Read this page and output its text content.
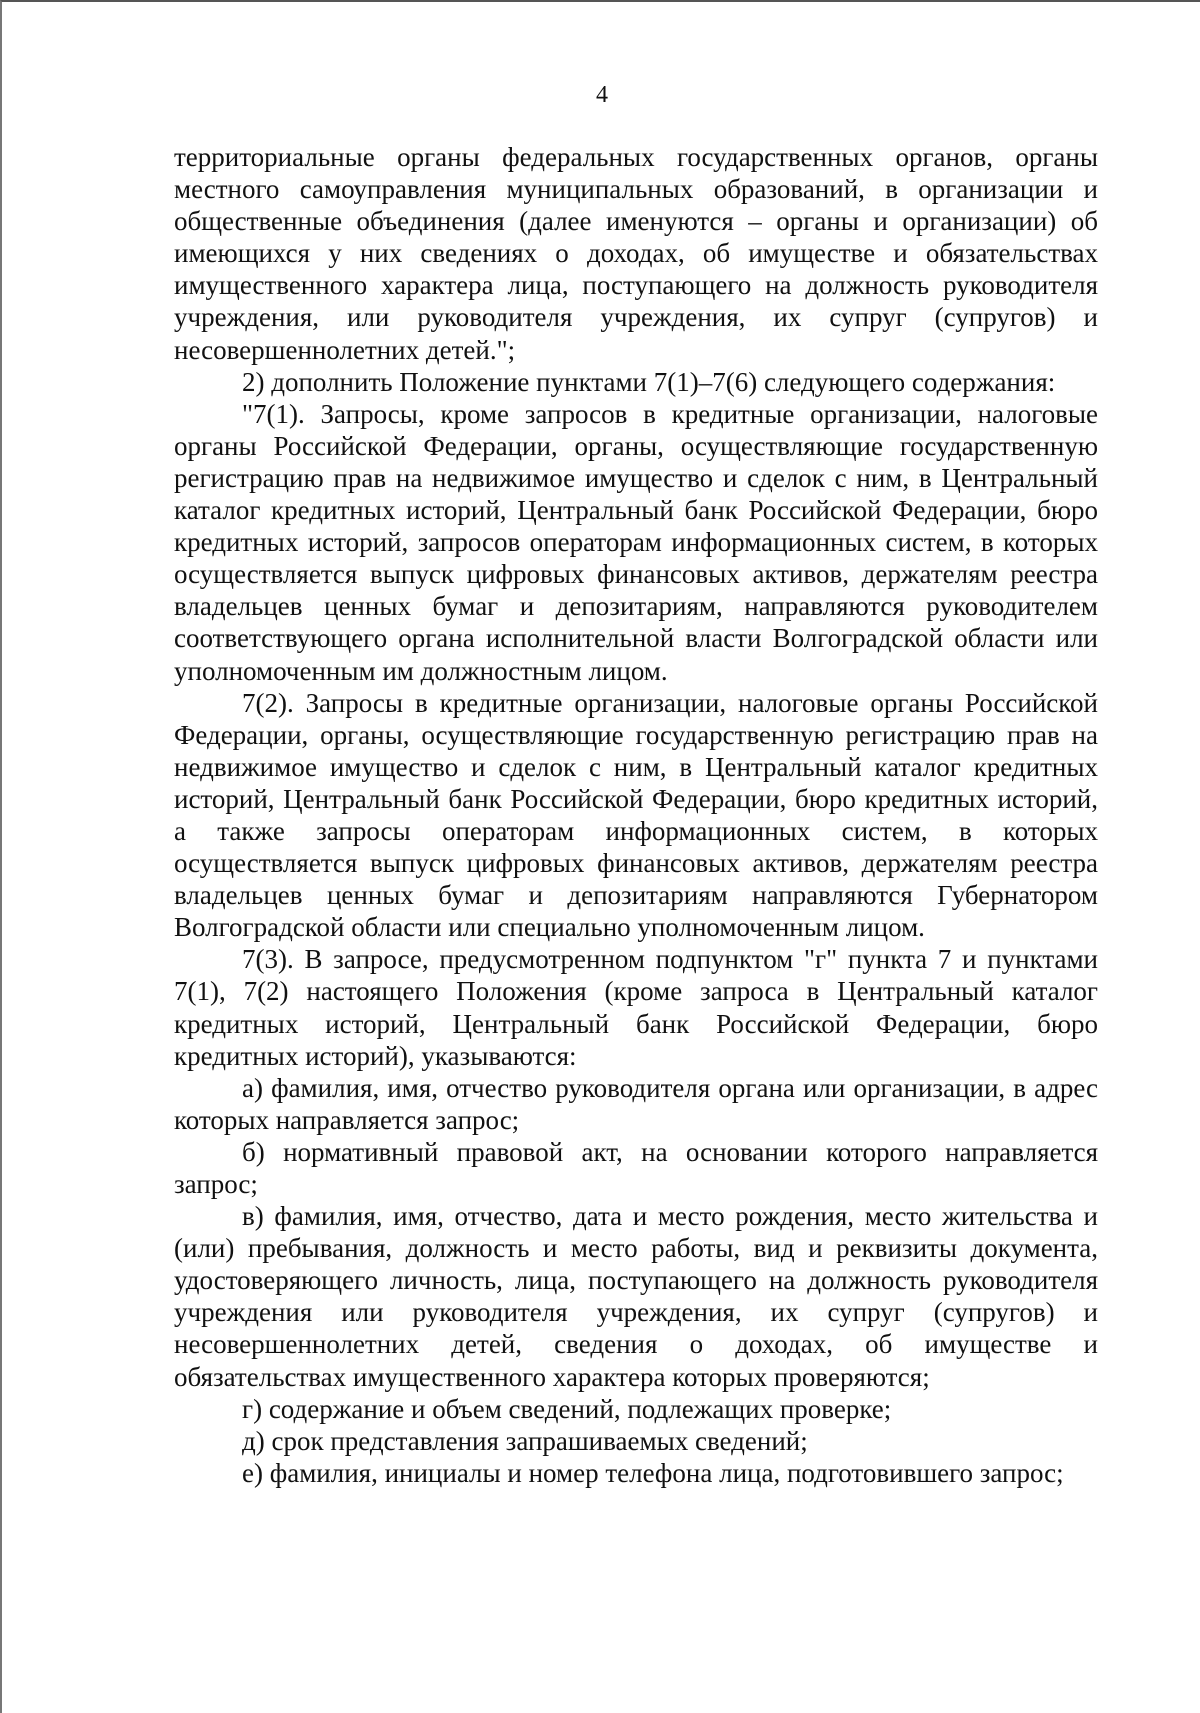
4

территориальные органы федеральных государственных органов, органы местного самоуправления муниципальных образований, в организации и общественные объединения (далее именуются – органы и организации) об имеющихся у них сведениях о доходах, об имуществе и обязательствах имущественного характера лица, поступающего на должность руководителя учреждения, или руководителя учреждения, их супруг (супругов) и несовершеннолетних детей.";

2) дополнить Положение пунктами 7(1)–7(6) следующего содержания:

"7(1). Запросы, кроме запросов в кредитные организации, налоговые органы Российской Федерации, органы, осуществляющие государственную регистрацию прав на недвижимое имущество и сделок с ним, в Центральный каталог кредитных историй, Центральный банк Российской Федерации, бюро кредитных историй, запросов операторам информационных систем, в которых осуществляется выпуск цифровых финансовых активов, держателям реестра владельцев ценных бумаг и депозитариям, направляются руководителем соответствующего органа исполнительной власти Волгоградской области или уполномоченным им должностным лицом.

7(2). Запросы в кредитные организации, налоговые органы Российской Федерации, органы, осуществляющие государственную регистрацию прав на недвижимое имущество и сделок с ним, в Центральный каталог кредитных историй, Центральный банк Российской Федерации, бюро кредитных историй, а также запросы операторам информационных систем, в которых осуществляется выпуск цифровых финансовых активов, держателям реестра владельцев ценных бумаг и депозитариям направляются Губернатором Волгоградской области или специально уполномоченным лицом.

7(3). В запросе, предусмотренном подпунктом "г" пункта 7 и пунктами 7(1), 7(2) настоящего Положения (кроме запроса в Центральный каталог кредитных историй, Центральный банк Российской Федерации, бюро кредитных историй), указываются:

а) фамилия, имя, отчество руководителя органа или организации, в адрес которых направляется запрос;

б) нормативный правовой акт, на основании которого направляется запрос;

в) фамилия, имя, отчество, дата и место рождения, место жительства и (или) пребывания, должность и место работы, вид и реквизиты документа, удостоверяющего личность, лица, поступающего на должность руководителя учреждения или руководителя учреждения, их супруг (супругов) и несовершеннолетних детей, сведения о доходах, об имуществе и обязательствах имущественного характера которых проверяются;

г) содержание и объем сведений, подлежащих проверке;

д) срок представления запрашиваемых сведений;

е) фамилия, инициалы и номер телефона лица, подготовившего запрос;
